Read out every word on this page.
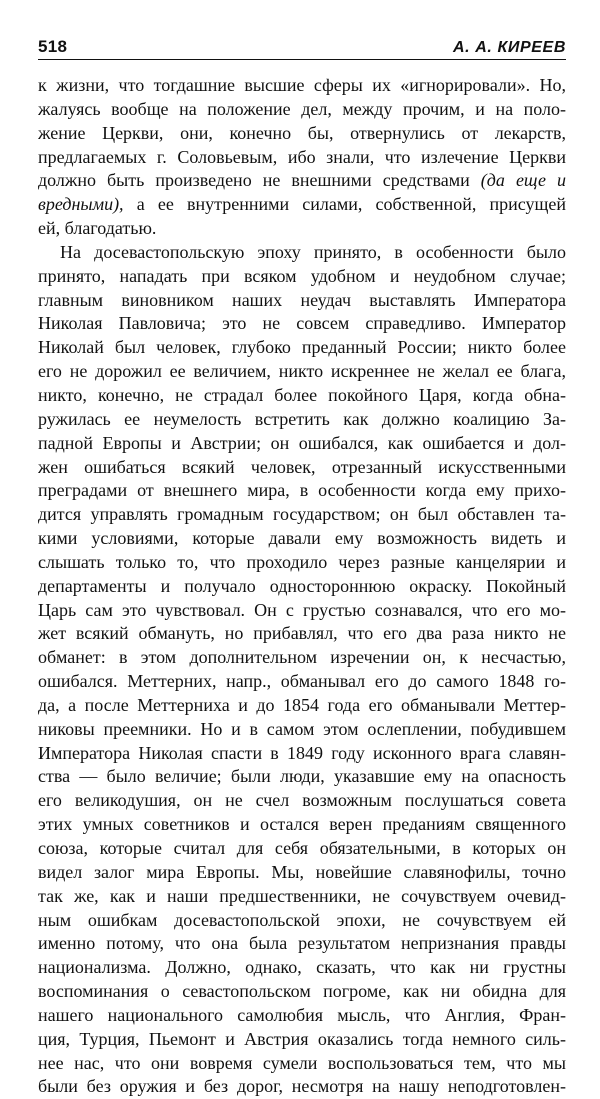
518	А. А. КИРЕЕВ
к жизни, что тогдашние высшие сферы их «игнорировали». Но,
жалуясь вообще на положение дел, между прочим, и на поло-
жение Церкви, они, конечно бы, отвернулись от лекарств,
предлагаемых г. Соловьевым, ибо знали, что излечение Церкви
должно быть произведено не внешними средствами (да еще и
вредными), а ее внутренними силами, собственной, присущей
ей, благодатью.
На досевастопольскую эпоху принято, в особенности было
принято, нападать при всяком удобном и неудобном случае;
главным виновником наших неудач выставлять Императора
Николая Павловича; это не совсем справедливо. Император
Николай был человек, глубоко преданный России; никто более
его не дорожил ее величием, никто искреннее не желал ее блага,
никто, конечно, не страдал более покойного Царя, когда обна-
ружилась ее неумелость встретить как должно коалицию За-
падной Европы и Австрии; он ошибался, как ошибается и дол-
жен ошибаться всякий человек, отрезанный искусственными
преградами от внешнего мира, в особенности когда ему прихо-
дится управлять громадным государством; он был обставлен та-
кими условиями, которые давали ему возможность видеть и
слышать только то, что проходило через разные канцелярии и
департаменты и получало одностороннюю окраску. Покойный
Царь сам это чувствовал. Он с грустью сознавался, что его мо-
жет всякий обмануть, но прибавлял, что его два раза никто не
обманет: в этом дополнительном изречении он, к несчастью,
ошибался. Меттерних, напр., обманывал его до самого 1848 го-
да, а после Меттерниха и до 1854 года его обманывали Меттер-
никовы преемники. Но и в самом этом ослеплении, побудившем
Императора Николая спасти в 1849 году исконного врага славян-
ства — было величие; были люди, указавшие ему на опасность
его великодушия, он не счел возможным послушаться совета
этих умных советников и остался верен преданиям священного
союза, которые считал для себя обязательными, в которых он
видел залог мира Европы. Мы, новейшие славянофилы, точно
так же, как и наши предшественники, не сочувствуем очевид-
ным ошибкам досевастопольской эпохи, не сочувствуем ей
именно потому, что она была результатом непризнания правды
национализма. Должно, однако, сказать, что как ни грустны
воспоминания о севастопольском погроме, как ни обидна для
нашего национального самолюбия мысль, что Англия, Фран-
ция, Турция, Пьемонт и Австрия оказались тогда немного силь-
нее нас, что они вовремя сумели воспользоваться тем, что мы
были без оружия и без дорог, несмотря на нашу неподготовлен-
